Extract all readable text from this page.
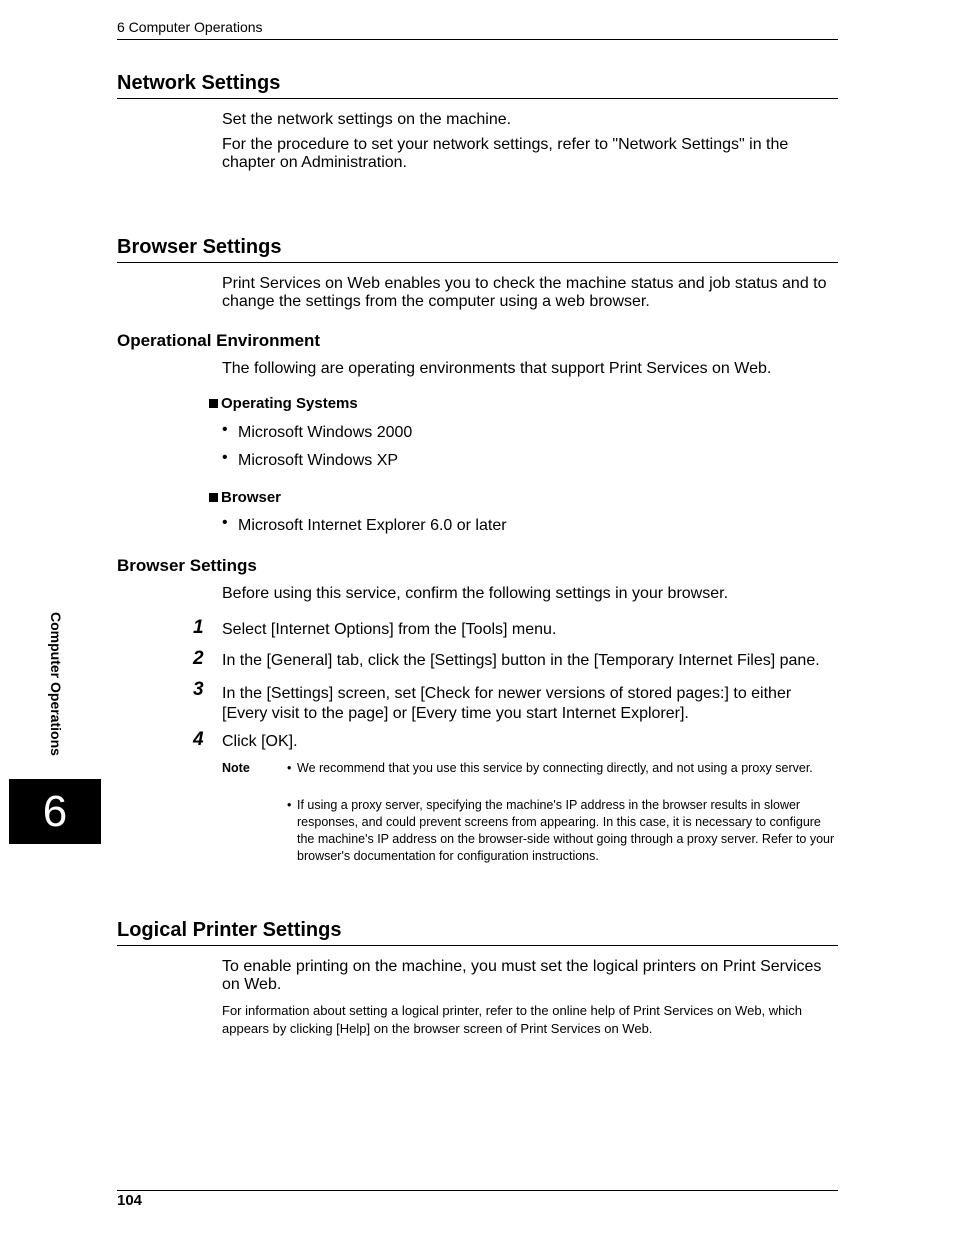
6 Computer Operations
Network Settings
Set the network settings on the machine.
For the procedure to set your network settings, refer to "Network Settings" in the chapter on Administration.
Browser Settings
Print Services on Web enables you to check the machine status and job status and to change the settings from the computer using a web browser.
Operational Environment
The following are operating environments that support Print Services on Web.
Operating Systems
• Microsoft Windows 2000
• Microsoft Windows XP
Browser
• Microsoft Internet Explorer 6.0 or later
Browser Settings
Before using this service, confirm the following settings in your browser.
1 Select [Internet Options] from the [Tools] menu.
2 In the [General] tab, click the [Settings] button in the [Temporary Internet Files] pane.
3 In the [Settings] screen, set [Check for newer versions of stored pages:] to either [Every visit to the page] or [Every time you start Internet Explorer].
4 Click [OK].
Note	• We recommend that you use this service by connecting directly, and not using a proxy server.
• If using a proxy server, specifying the machine's IP address in the browser results in slower responses, and could prevent screens from appearing. In this case, it is necessary to configure the machine's IP address on the browser-side without going through a proxy server. Refer to your browser's documentation for configuration instructions.
Logical Printer Settings
To enable printing on the machine, you must set the logical printers on Print Services on Web.
For information about setting a logical printer, refer to the online help of Print Services on Web, which appears by clicking [Help] on the browser screen of Print Services on Web.
Computer Operations
6
104
